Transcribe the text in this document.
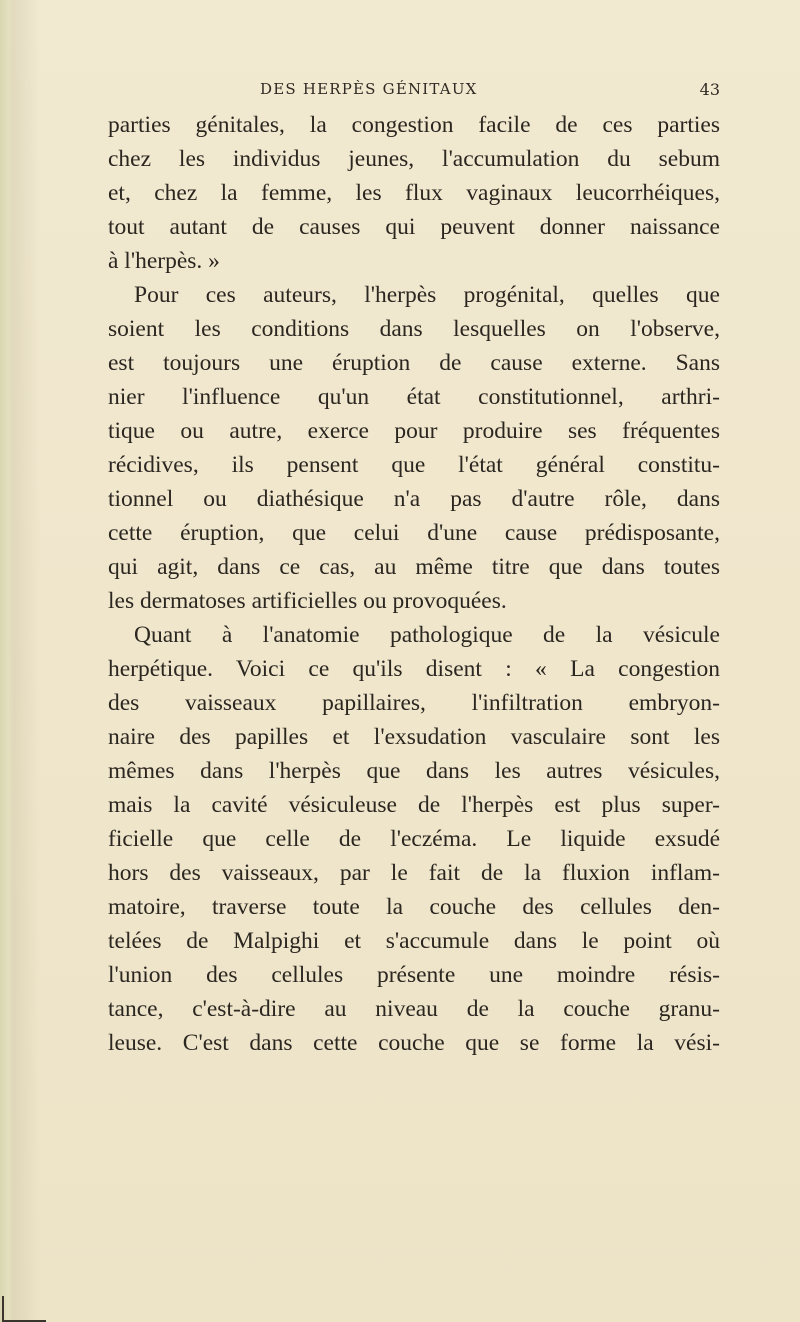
DES HERPÈS GÉNITAUX	43
parties génitales, la congestion facile de ces parties
chez les individus jeunes, l'accumulation du sebum
et, chez la femme, les flux vaginaux leucorrhéiques,
tout autant de causes qui peuvent donner naissance
à l'herpès. »
Pour ces auteurs, l'herpès progénital, quelles que
soient les conditions dans lesquelles on l'observe,
est toujours une éruption de cause externe. Sans
nier l'influence qu'un état constitutionnel, arthri-
tique ou autre, exerce pour produire ses fréquentes
récidives, ils pensent que l'état général constitu-
tionnel ou diathésique n'a pas d'autre rôle, dans
cette éruption, que celui d'une cause prédisposante,
qui agit, dans ce cas, au même titre que dans toutes
les dermatoses artificielles ou provoquées.
Quant à l'anatomie pathologique de la vésicule
herpétique. Voici ce qu'ils disent : « La congestion
des vaisseaux papillaires, l'infiltration embryon-
naire des papilles et l'exsudation vasculaire sont les
mêmes dans l'herpès que dans les autres vésicules,
mais la cavité vésiculeuse de l'herpès est plus super-
ficielle que celle de l'eczéma. Le liquide exsudé
hors des vaisseaux, par le fait de la fluxion inflam-
matoire, traverse toute la couche des cellules den-
telées de Malpighi et s'accumule dans le point où
l'union des cellules présente une moindre résis-
tance, c'est-à-dire au niveau de la couche granu-
leuse. C'est dans cette couche que se forme la vési-
